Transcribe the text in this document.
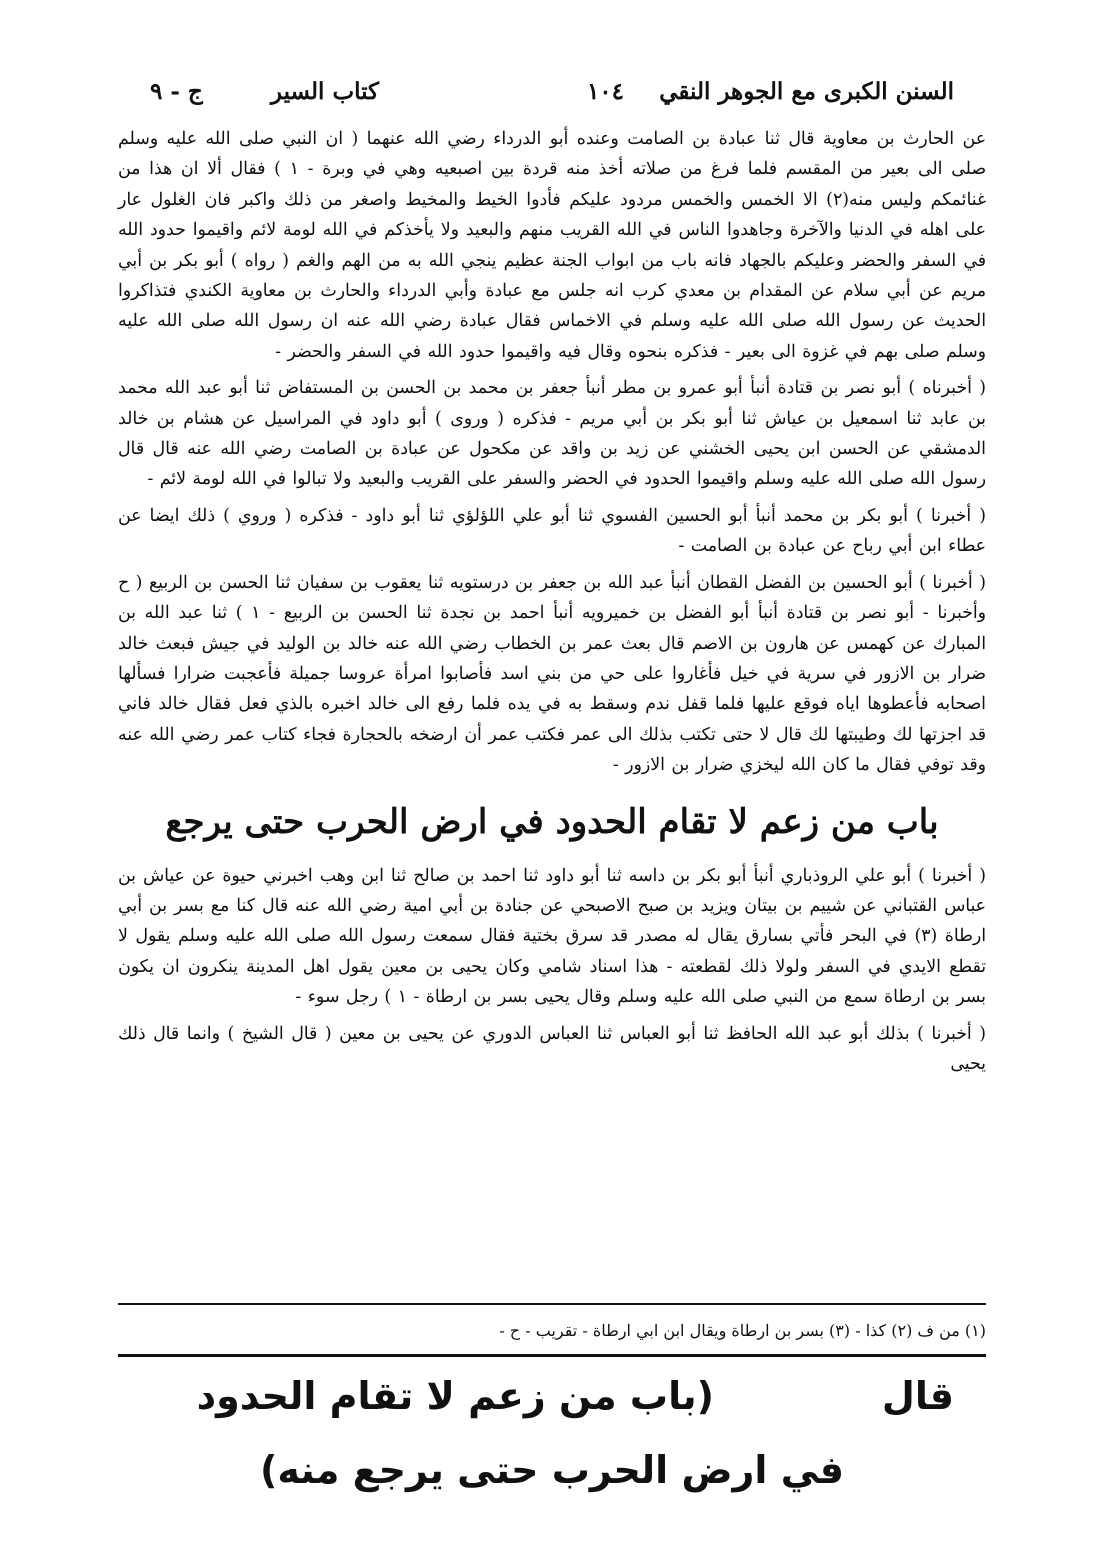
السنن الكبرى مع الجوهر النقي
١٠٤
كتاب السير
ج - ٩

عن الحارث بن معاوية قال ثنا عبادة بن الصامت وعنده أبو الدرداء رضي الله عنهما ( ان النبي صلى الله عليه وسلم صلى الى بعير من المقسم فلما فرغ من صلاته أخذ منه قردة بين اصبعيه وهي في وبرة - ١ ) فقال ألا ان هذا من غنائمكم وليس منه(٢) الا الخمس والخمس مردود عليكم فأدوا الخيط والمخيط واصغر من ذلك واكبر فان الغلول عار على اهله في الدنيا والآخرة وجاهدوا الناس في الله القريب منهم والبعيد ولا يأخذكم في الله لومة لائم واقيموا حدود الله في السفر والحضر وعليكم بالجهاد فانه باب من ابواب الجنة عظيم ينجي الله به من الهم والغم ( رواه ) أبو بكر بن أبي مريم عن أبي سلام عن المقدام بن معدي كرب انه جلس مع عبادة وأبي الدرداء والحارث بن معاوية الكندي فتذاكروا الحديث عن رسول الله صلى الله عليه وسلم في الاخماس فقال عبادة رضي الله عنه ان رسول الله صلى الله عليه وسلم صلى بهم في غزوة الى بعير - فذكره بنحوه وقال فيه واقيموا حدود الله في السفر والحضر -

( أخبرناه ) أبو نصر بن قتادة أنبأ أبو عمرو بن مطر أنبأ جعفر بن محمد بن الحسن بن المستفاض ثنا أبو عبد الله محمد بن عابد ثنا اسمعيل بن عياش ثنا أبو بكر بن أبي مريم - فذكره ( وروى ) أبو داود في المراسيل عن هشام بن خالد الدمشقي عن الحسن ابن يحيى الخشني عن زيد بن واقد عن مكحول عن عبادة بن الصامت رضي الله عنه قال قال رسول الله صلى الله عليه وسلم واقيموا الحدود في الحضر والسفر على القريب والبعيد ولا تبالوا في الله لومة لائم -

( أخبرنا ) أبو بكر بن محمد أنبأ أبو الحسين الفسوي ثنا أبو علي اللؤلؤي ثنا أبو داود - فذكره ( وروي ) ذلك ايضا عن عطاء ابن أبي رباح عن عبادة بن الصامت -

( أخبرنا ) أبو الحسين بن الفضل القطان أنبأ عبد الله بن جعفر بن درستويه ثنا يعقوب بن سفيان ثنا الحسن بن الربيع ( ح وأخبرنا - أبو نصر بن قتادة أنبأ أبو الفضل بن خميرويه أنبأ احمد بن نجدة ثنا الحسن بن الربيع - ١ ) ثنا عبد الله بن المبارك عن كهمس عن هارون بن الاصم قال بعث عمر بن الخطاب رضي الله عنه خالد بن الوليد في جيش فبعث خالد ضرار بن الازور في سرية في خيل فأغاروا على حي من بني اسد فأصابوا امرأة عروسا جميلة فأعجبت ضرارا فسألها اصحابه فأعطوها اياه فوقع عليها فلما قفل ندم وسقط به في يده فلما رفع الى خالد اخبره بالذي فعل فقال خالد فاني قد اجزتها لك وطيبتها لك قال لا حتى تكتب بذلك الى عمر فكتب عمر أن ارضخه بالحجارة فجاء كتاب عمر رضي الله عنه وقد توفي فقال ما كان الله ليخزي ضرار بن الازور -

باب من زعم لا تقام الحدود في ارض الحرب حتى يرجع

( أخبرنا ) أبو علي الروذباري أنبأ أبو بكر بن داسه ثنا أبو داود ثنا احمد بن صالح ثنا ابن وهب اخبرني حيوة عن عياش بن عباس القتباني عن شييم بن بيتان ويزيد بن صبح الاصبحي عن جنادة بن أبي امية رضي الله عنه قال كنا مع بسر بن أبي ارطاة (٣) في البحر فأتي بسارق يقال له مصدر قد سرق بختية فقال سمعت رسول الله صلى الله عليه وسلم يقول لا تقطع الايدي في السفر ولولا ذلك لقطعته - هذا اسناد شامي وكان يحيى بن معين يقول اهل المدينة ينكرون ان يكون بسر بن ارطاة سمع من النبي صلى الله عليه وسلم وقال يحيى بسر بن ارطاة - ١ ) رجل سوء -

( أخبرنا ) بذلك أبو عبد الله الحافظ ثنا أبو العباس ثنا العباس الدوري عن يحيى بن معين ( قال الشيخ ) وانما قال ذلك يحيى

(١) من ف (٢) كذا - (٣) بسر بن ارطاة ويقال ابن ابي ارطاة - تقريب - ح -
قال
(باب من زعم لا تقام الحدود
في ارض الحرب حتى يرجع منه)
